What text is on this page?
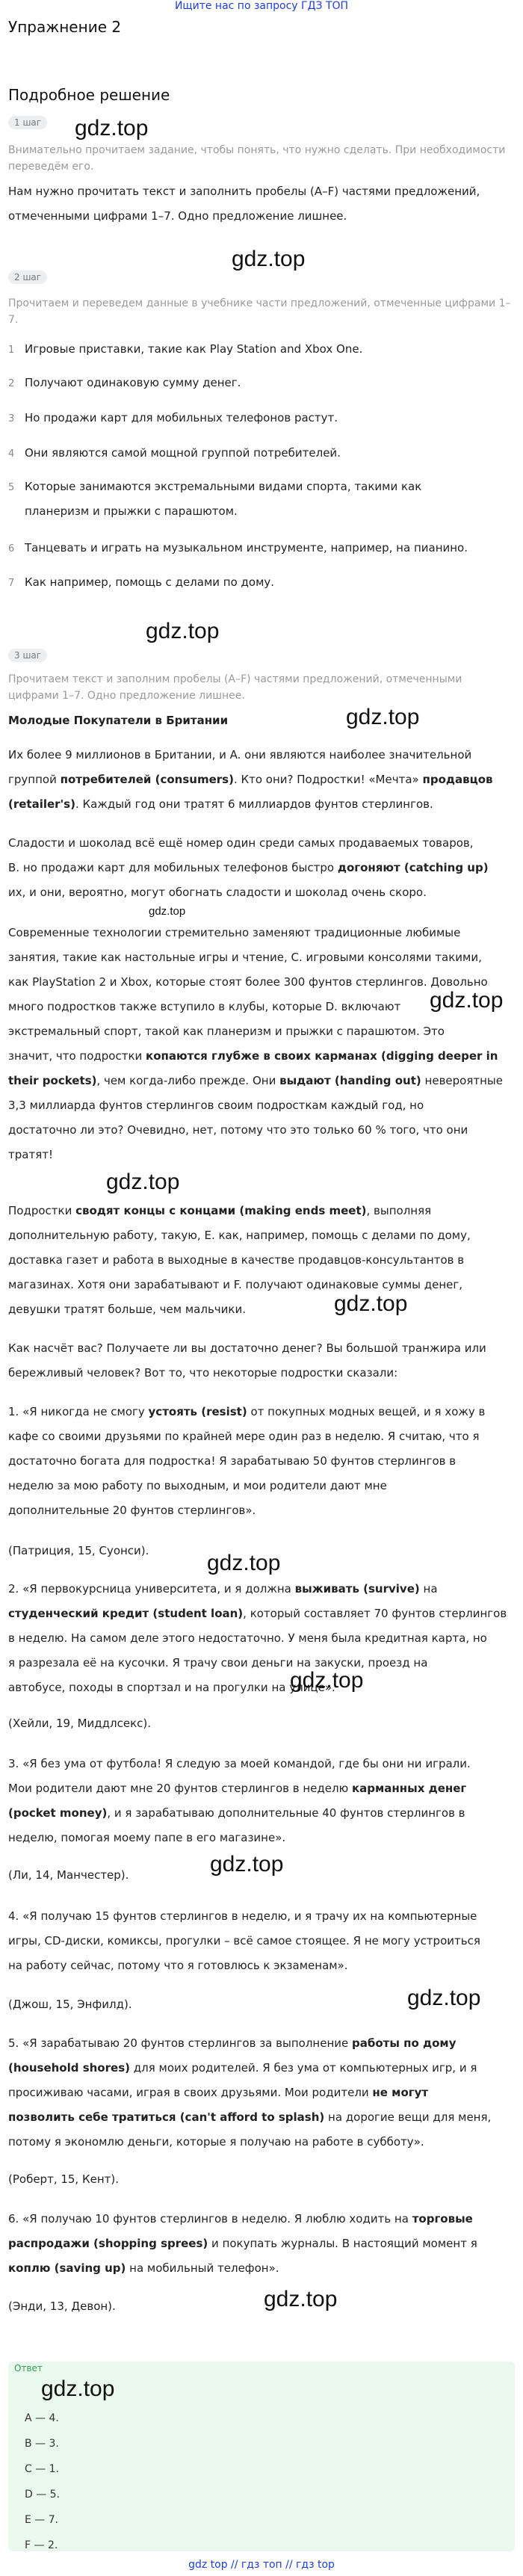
Ищите нас по запросу ГДЗ ТОП
Упражнение 2
Подробное решение
1 шаг gdz.top
Внимательно прочитаем задание, чтобы понять, что нужно сделать. При необходимости переведём его.
Нам нужно прочитать текст и заполнить пробелы (A–F) частями предложений, отмеченными цифрами 1–7. Одно предложение лишнее.
gdz.top
2 шаг
Прочитаем и переведем данные в учебнике части предложений, отмеченные цифрами 1–7.
1 Игровые приставки, такие как Play Station and Xbox One.
2 Получают одинаковую сумму денег.
3 Но продажи карт для мобильных телефонов растут.
4 Они являются самой мощной группой потребителей.
5 Которые занимаются экстремальными видами спорта, такими как
планеризм и прыжки с парашютом.
6 Танцевать и играть на музыкальном инструменте, например, на пианино.
7 Как например, помощь с делами по дому.
gdz.top
3 шаг
Прочитаем текст и заполним пробелы (A–F) частями предложений, отмеченными
цифрами 1–7. Одно предложение лишнее.
gdz.top
Молодые Покупатели в Британии
Их более 9 миллионов в Британии, и A. они являются наиболее значительной
группой потребителей (consumers). Кто они? Подростки! «Мечта» продавцов
(retailer's). Каждый год они тратят 6 миллиардов фунтов стерлингов.
Сладости и шоколад всё ещё номер один среди самых продаваемых товаров,
B. но продажи карт для мобильных телефонов быстро догоняют (catching up)
их, и они, вероятно, могут обогнать сладости и шоколад очень скоро.
gdz.top
Современные технологии стремительно заменяют традиционные любимые
занятия, такие как настольные игры и чтение, C. игровыми консолями такими,
как PlayStation 2 и Xbox, которые стоят более 300 фунтов стерлингов. Довольно
много подростков также вступило в клубы, которые D. включают	gdz.top
экстремальный спорт, такой как планеризм и прыжки с парашютом. Это
значит, что подростки копаются глубже в своих карманах (digging deeper in
their pockets), чем когда-либо прежде. Они выдают (handing out) невероятные
3,3 миллиарда фунтов стерлингов своим подросткам каждый год, но
достаточно ли это? Очевидно, нет, потому что это только 60 % того, что они
тратят!
gdz.top
Подростки сводят концы с концами (making ends meet), выполняя
дополнительную работу, такую, E. как, например, помощь с делами по дому,
доставка газет и работа в выходные в качестве продавцов-консультантов в
магазинах. Хотя они зарабатывают и F. получают одинаковые суммы денег,
девушки тратят больше, чем мальчики.	gdz.top
Как насчёт вас? Получаете ли вы достаточно денег? Вы большой транжира или
бережливый человек? Вот то, что некоторые подростки сказали:
1. «Я никогда не смогу устоять (resist) от покупных модных вещей, и я хожу в
кафе со своими друзьями по крайней мере один раз в неделю. Я считаю, что я
достаточно богата для подростка! Я зарабатываю 50 фунтов стерлингов в
неделю за мою работу по выходным, и мои родители дают мне
дополнительные 20 фунтов стерлингов».
(Патриция, 15, Суонси).	gdz.top
2. «Я первокурсница университета, и я должна выживать (survive) на
студенческий кредит (student loan), который составляет 70 фунтов стерлингов
в неделю. На самом деле этого недостаточно. У меня была кредитная карта, но
я разрезала её на кусочки. Я трачу свои деньги на закуски, проезд на
автобусе, походы в спортзал и на прогулки на улице».
gdz.top
(Хейли, 19, Миддлсекс).
3. «Я без ума от футбола! Я следую за моей командой, где бы они ни играли.
Мои родители дают мне 20 фунтов стерлингов в неделю карманных денег
(pocket money), и я зарабатываю дополнительные 40 фунтов стерлингов в
неделю, помогая моему папе в его магазине».
(Ли, 14, Манчестер).	gdz.top
4. «Я получаю 15 фунтов стерлингов в неделю, и я трачу их на компьютерные
игры, CD-диски, комиксы, прогулки – всё самое стоящее. Я не могу устроиться
на работу сейчас, потому что я готовлюсь к экзаменам».
(Джош, 15, Энфилд).	gdz.top
5. «Я зарабатываю 20 фунтов стерлингов за выполнение работы по дому
(household shores) для моих родителей. Я без ума от компьютерных игр, и я
просиживаю часами, играя в своих друзьями. Мои родители не могут
позволить себе тратиться (can't afford to splash) на дорогие вещи для меня,
потому я экономлю деньги, которые я получаю на работе в субботу».
(Роберт, 15, Кент).
6. «Я получаю 10 фунтов стерлингов в неделю. Я люблю ходить на торговые
распродажи (shopping sprees) и покупать журналы. В настоящий момент я
коплю (saving up) на мобильный телефон».
gdz.top
(Энди, 13, Девон).
Ответ
gdz.top
A — 4.
B — 3.
C — 1.
D — 5.
E — 7.
F — 2.
gdz top // гдз топ // гдз top
